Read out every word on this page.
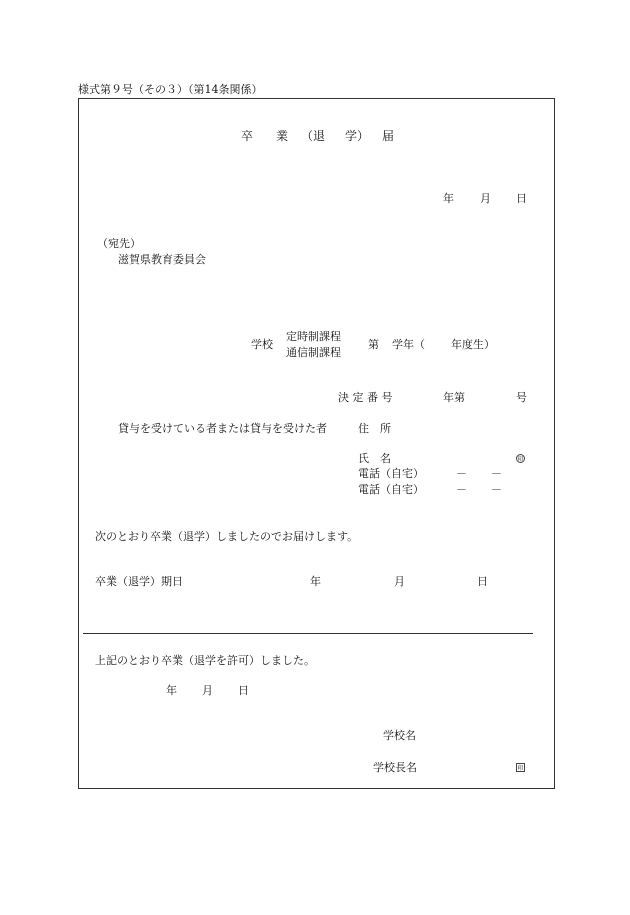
様式第９号（その３）（第14条関係）
卒 業 （退 学） 届
年 月 日
（宛先）
滋賀県教育委員会
学校
定時制課程
通信制課程
第 学年（ 年度生）
決 定 番 号	年第	号
貸与を受けている者または貸与を受けた者	住　所
氏　名	印
電話（自宅）	－ －
電話（自宅）	－ －
次のとおり卒業（退学）しましたのでお届けします。
卒業（退学）期日	年	月	日
上記のとおり卒業（退学を許可）しました。
年 月 日
学校名
学校長名	印
